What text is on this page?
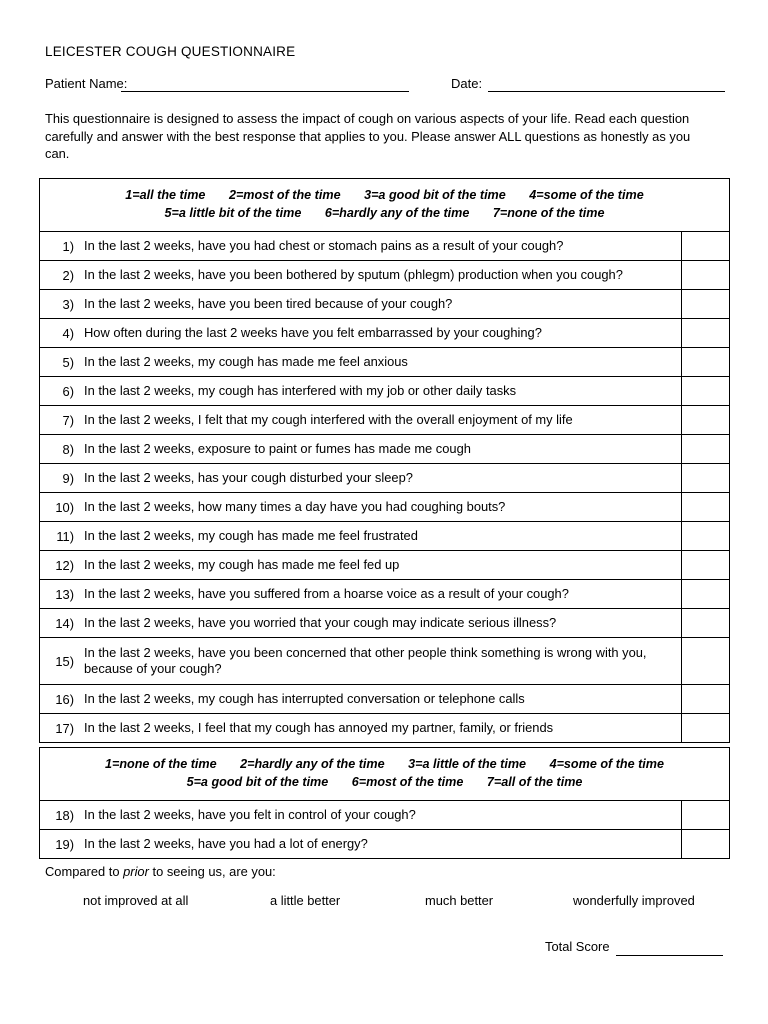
LEICESTER COUGH QUESTIONNAIRE
Patient Name:	Date:
This questionnaire is designed to assess the impact of cough on various aspects of your life. Read each question carefully and answer with the best response that applies to you. Please answer ALL questions as honestly as you can.
1=all the time 2=most of the time 3=a good bit of the time 4=some of the time
5=a little bit of the time 6=hardly any of the time 7=none of the time
1) In the last 2 weeks, have you had chest or stomach pains as a result of your cough?
2) In the last 2 weeks, have you been bothered by sputum (phlegm) production when you cough?
3) In the last 2 weeks, have you been tired because of your cough?
4) How often during the last 2 weeks have you felt embarrassed by your coughing?
5) In the last 2 weeks, my cough has made me feel anxious
6) In the last 2 weeks, my cough has interfered with my job or other daily tasks
7) In the last 2 weeks, I felt that my cough interfered with the overall enjoyment of my life
8) In the last 2 weeks, exposure to paint or fumes has made me cough
9) In the last 2 weeks, has your cough disturbed your sleep?
10) In the last 2 weeks, how many times a day have you had coughing bouts?
11) In the last 2 weeks, my cough has made me feel frustrated
12) In the last 2 weeks, my cough has made me feel fed up
13) In the last 2 weeks, have you suffered from a hoarse voice as a result of your cough?
14) In the last 2 weeks, have you worried that your cough may indicate serious illness?
15)
In the last 2 weeks, have you been concerned that other people think something is wrong with you, because of your cough?
16) In the last 2 weeks, my cough has interrupted conversation or telephone calls
17) In the last 2 weeks, I feel that my cough has annoyed my partner, family, or friends
1=none of the time 2=hardly any of the time 3=a little of the time 4=some of the time
5=a good bit of the time 6=most of the time 7=all of the time
18) In the last 2 weeks, have you felt in control of your cough?
19) In the last 2 weeks, have you had a lot of energy?
Compared to prior to seeing us, are you:
not improved at all	a little better	much better	wonderfully improved
Total Score
